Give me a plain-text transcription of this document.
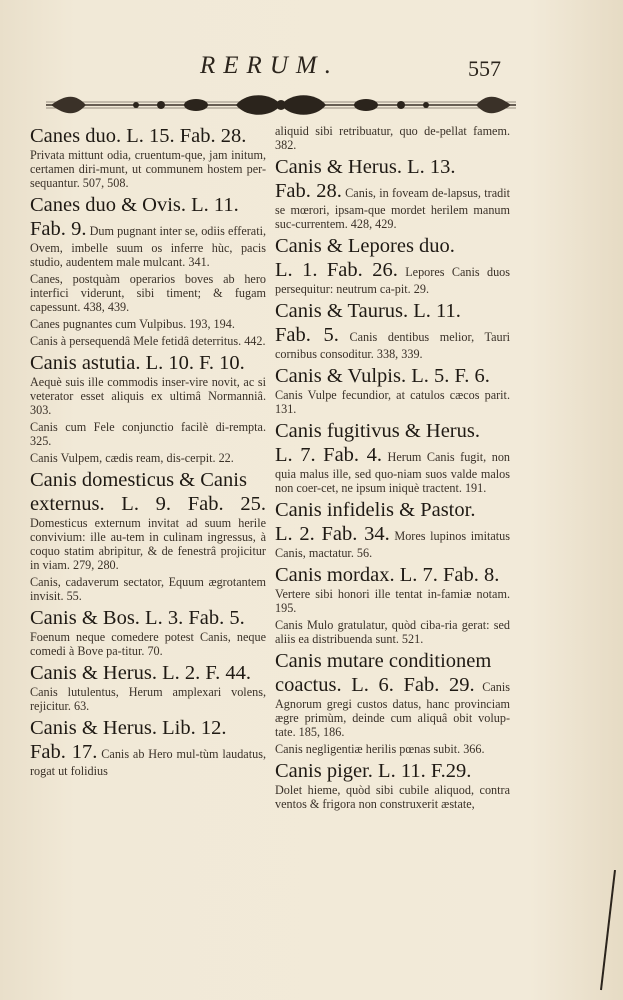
RERUM.	557
Canes duo. L. 15. Fab. 28.
Privata mittunt odia, cruentum-que, jam initum, certamen diri-munt, ut communem hostem per-sequantur. 507, 508.
Canes duo & Ovis. L. 11.
Fab. 9. Dum pugnant inter se, odiis efferati, Ovem, imbelle suum os inferre hùc, pacis studio, audentem male mulcant. 341.
Canes, postquàm operarios boves ab hero interfici viderunt, sibi timent; & fugam capessunt. 438, 439.
Canes pugnantes cum Vulpibus. 193, 194.
Canis à persequendâ Mele fetidâ deterritus. 442.
Canis astutia. L. 10. F. 10.
Aequè suis ille commodis inser-vire novit, ac si veterator esset aliquis ex ultimâ Normanniâ. 303.
Canis cum Fele conjunctio facilè di-rempta. 325.
Canis Vulpem, cædis ream, dis-cerpit. 22.
Canis domesticus & Canis
externus. L. 9. Fab. 25. Domesticus externum invitat ad suum herile convivium: ille au-tem in culinam ingressus, à coquo statim abripitur, & de fenestrâ projicitur in viam. 279, 280.
Canis, cadaverum sectator, Equum ægrotantem invisit. 55.
Canis & Bos. L. 3. Fab. 5.
Foenum neque comedere potest Canis, neque comedi à Bove pa-titur. 70.
Canis & Herus. L. 2. F. 44.
Canis lutulentus, Herum amplexari volens, rejicitur. 63.
Canis & Herus. Lib. 12.
Fab. 17. Canis ab Hero mul-tùm laudatus, rogat ut folidius
aliquid sibi retribuatur, quo de-pellat famem. 382.
Canis & Herus. L. 13.
Fab. 28. Canis, in foveam de-lapsus, tradit se mœrori, ipsam-que mordet herilem manum suc-currentem. 428, 429.
Canis & Lepores duo.
L. 1. Fab. 26. Lepores Canis duos persequitur: neutrum ca-pit. 29.
Canis & Taurus. L. 11.
Fab. 5. Canis dentibus melior, Tauri cornibus consoditur. 338, 339.
Canis & Vulpis. L. 5. F. 6.
Canis Vulpe fecundior, at catulos cæcos parit. 131.
Canis fugitivus & Herus.
L. 7. Fab. 4. Herum Canis fugit, non quia malus ille, sed quo-niam suos valde malos non coer-cet, ne ipsum iniquè tractent. 191.
Canis infidelis & Pastor.
L. 2. Fab. 34. Mores lupinos imitatus Canis, mactatur. 56.
Canis mordax. L. 7. Fab. 8.
Vertere sibi honori ille tentat in-famiæ notam. 195.
Canis Mulo gratulatur, quòd ciba-ria gerat: sed aliis ea distribuenda sunt. 521.
Canis mutare conditionem
coactus. L. 6. Fab. 29. Canis Agnorum gregi custos datus, hanc provinciam ægre primùm, deinde cum aliquâ obit volup-tate. 185, 186.
Canis negligentiæ herilis pœnas subit. 366.
Canis piger. L. 11. F.29.
Dolet hieme, quòd sibi cubile aliquod, contra ventos & frigora non construxerit æstate,
